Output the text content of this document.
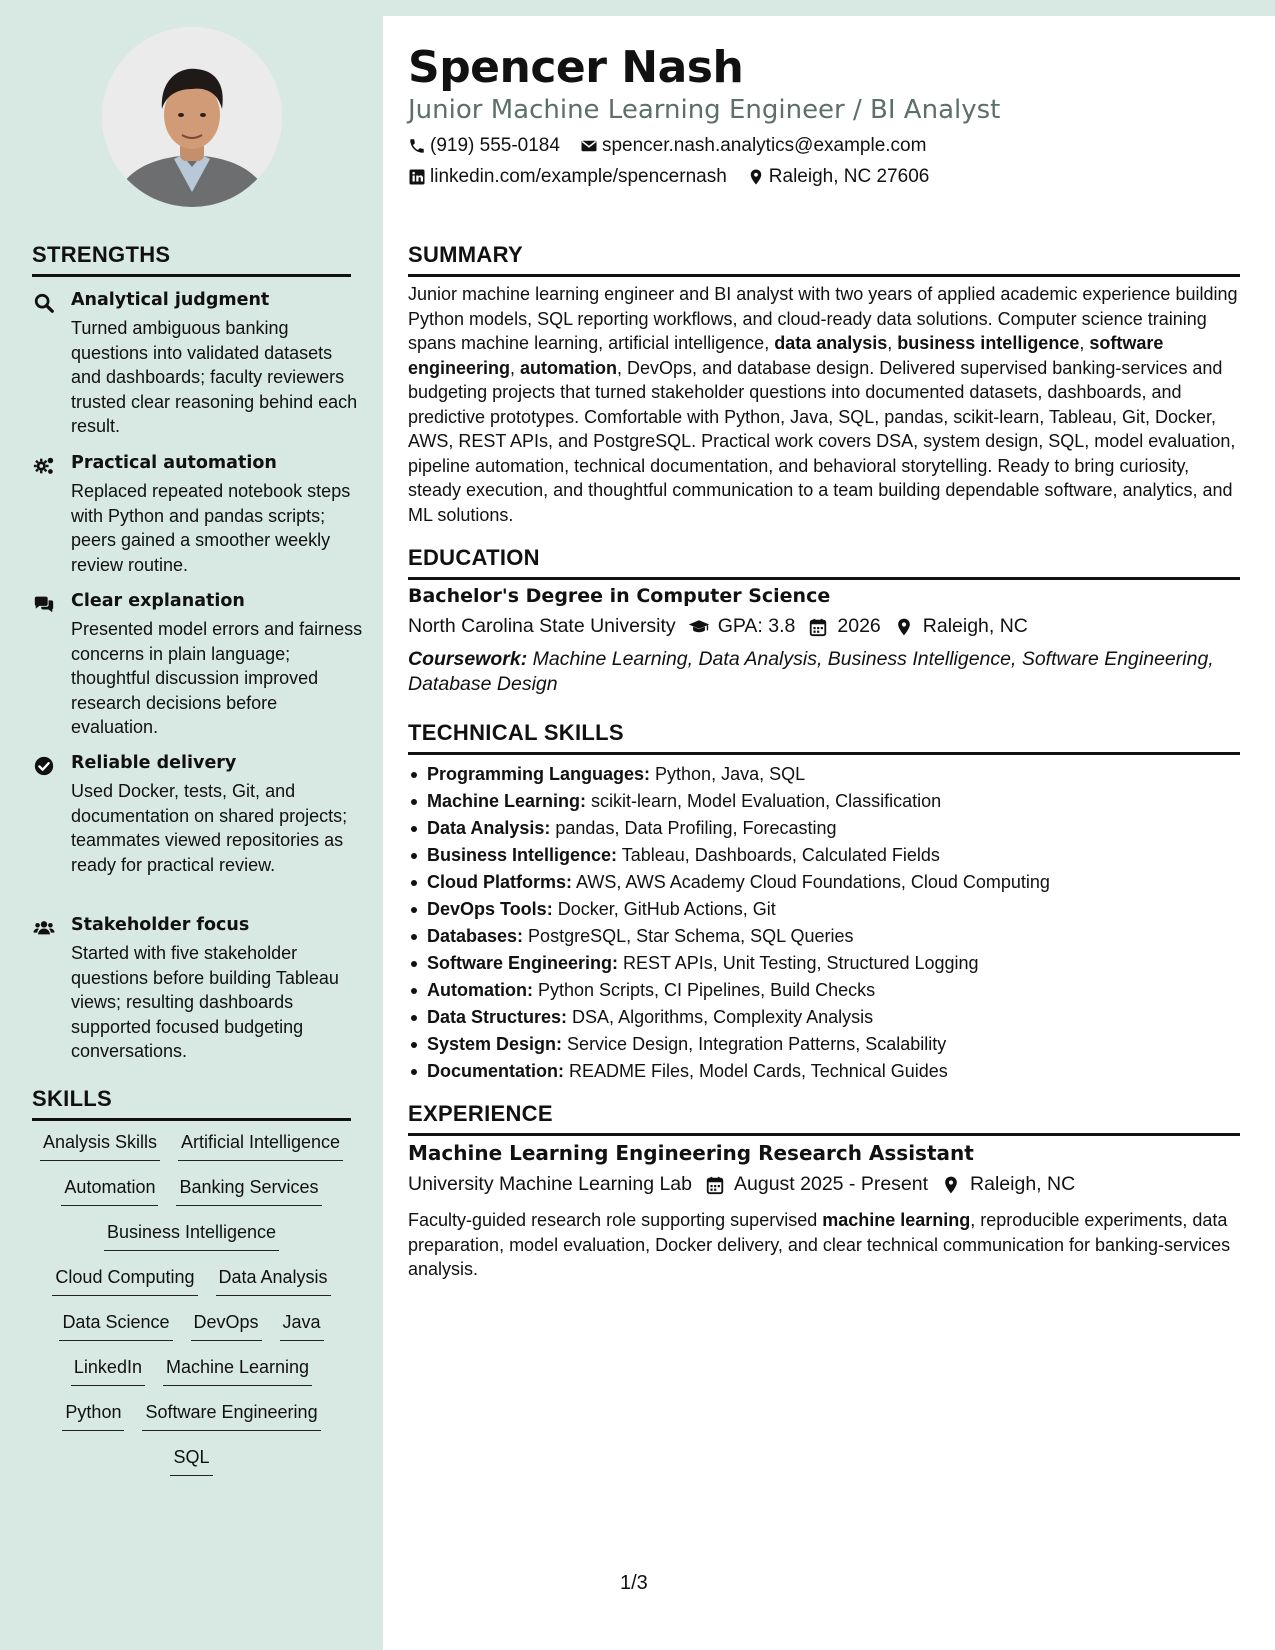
Spencer Nash
Junior Machine Learning Engineer / BI Analyst
(919) 555-0184 spencer.nash.analytics@example.com
linkedin.com/example/spencernash Raleigh, NC 27606
STRENGTHS
Analytical judgment
Turned ambiguous banking questions into validated datasets and dashboards; faculty reviewers trusted clear reasoning behind each result.
Practical automation
Replaced repeated notebook steps with Python and pandas scripts; peers gained a smoother weekly review routine.
Clear explanation
Presented model errors and fairness concerns in plain language; thoughtful discussion improved research decisions before evaluation.
Reliable delivery
Used Docker, tests, Git, and documentation on shared projects; teammates viewed repositories as ready for practical review.
Stakeholder focus
Started with five stakeholder questions before building Tableau views; resulting dashboards supported focused budgeting conversations.
SKILLS
Analysis Skills Artificial Intelligence
Automation Banking Services
Business Intelligence
Cloud Computing Data Analysis
Data Science DevOps Java
LinkedIn Machine Learning
Python Software Engineering
SQL
SUMMARY
Junior machine learning engineer and BI analyst with two years of applied academic experience building Python models, SQL reporting workflows, and cloud-ready data solutions. Computer science training spans machine learning, artificial intelligence, data analysis, business intelligence, software engineering, automation, DevOps, and database design. Delivered supervised banking-services and budgeting projects that turned stakeholder questions into documented datasets, dashboards, and predictive prototypes. Comfortable with Python, Java, SQL, pandas, scikit-learn, Tableau, Git, Docker, AWS, REST APIs, and PostgreSQL. Practical work covers DSA, system design, SQL, model evaluation, pipeline automation, technical documentation, and behavioral storytelling. Ready to bring curiosity, steady execution, and thoughtful communication to a team building dependable software, analytics, and ML solutions.
EDUCATION
Bachelor's Degree in Computer Science
North Carolina State University GPA: 3.8 2026 Raleigh, NC
Coursework: Machine Learning, Data Analysis, Business Intelligence, Software Engineering, Database Design
TECHNICAL SKILLS
Programming Languages: Python, Java, SQL
Machine Learning: scikit-learn, Model Evaluation, Classification
Data Analysis: pandas, Data Profiling, Forecasting
Business Intelligence: Tableau, Dashboards, Calculated Fields
Cloud Platforms: AWS, AWS Academy Cloud Foundations, Cloud Computing
DevOps Tools: Docker, GitHub Actions, Git
Databases: PostgreSQL, Star Schema, SQL Queries
Software Engineering: REST APIs, Unit Testing, Structured Logging
Automation: Python Scripts, CI Pipelines, Build Checks
Data Structures: DSA, Algorithms, Complexity Analysis
System Design: Service Design, Integration Patterns, Scalability
Documentation: README Files, Model Cards, Technical Guides
EXPERIENCE
Machine Learning Engineering Research Assistant
University Machine Learning Lab August 2025 - Present Raleigh, NC
Faculty-guided research role supporting supervised machine learning, reproducible experiments, data preparation, model evaluation, Docker delivery, and clear technical communication for banking-services analysis.
1/3
